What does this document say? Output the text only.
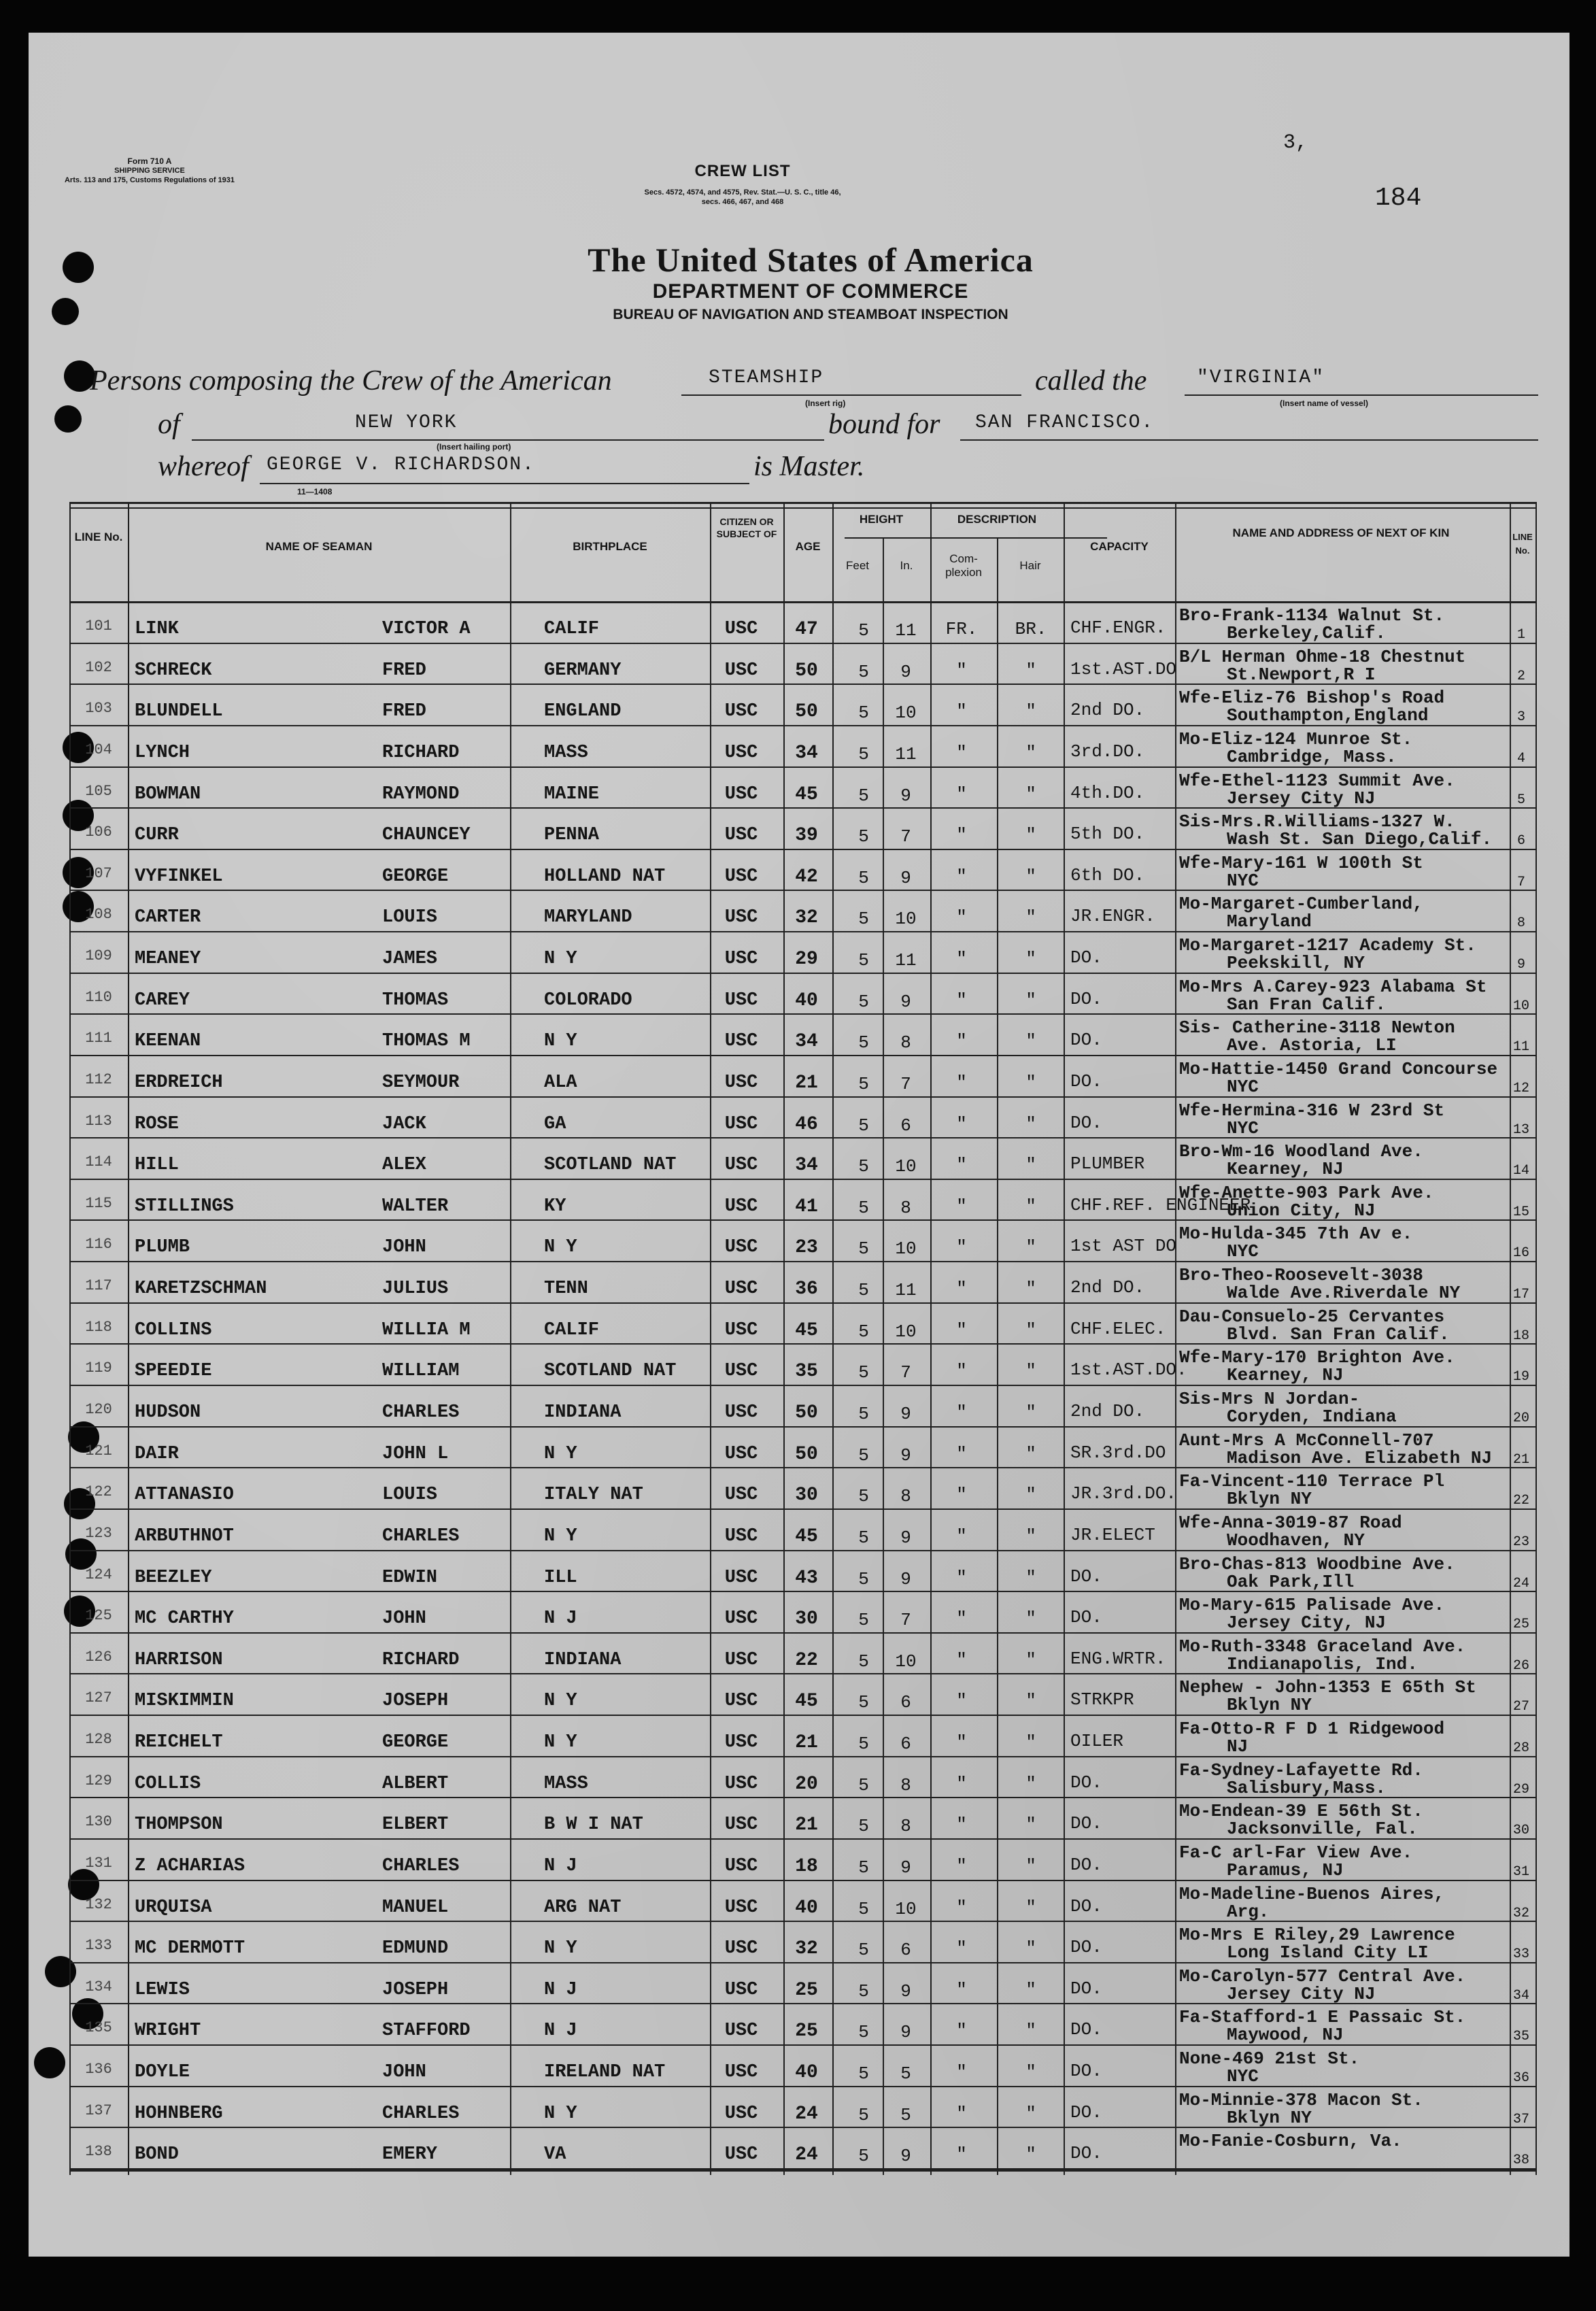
Form 710 A
SHIPPING SERVICE
Arts. 113 and 175, Customs Regulations of 1931	CREW LIST
Secs. 4572, 4574, and 4575, Rev. Stat.—U. S. C., title 46,
secs. 466, 467, and 468
3,
184
The United States of America
DEPARTMENT OF COMMERCE
BUREAU OF NAVIGATION AND STEAMBOAT INSPECTION
Persons composing the Crew of the American	STEAMSHIP
(Insert rig)
called the	"VIRGINIA"
(Insert name of vessel)
of	NEW YORK
(Insert hailing port)
bound for SAN FRANCISCO.
whereof GEORGE V. RICHARDSON.
11—1408
is Master.
LINE No.
NAME OF SEAMAN	BIRTHPLACE
CITIZEN OR SUBJECT OF
AGE
HEIGHT
Feet	In.
DESCRIPTION
Com-plexion
Hair
CAPACITY
NAME AND ADDRESS OF NEXT OF KIN	LINE No.
101	LINK	VICTOR A	CALIF	USC	47	5	11	FR.	BR.	CHF.ENGR.
Bro-Frank-1134 Walnut St.
Berkeley,Calif.	1
102	SCHRECK	FRED	GERMANY	USC	50	5	9	"	"	1st.AST.DO
B/L Herman Ohme-18 Chestnut
St.Newport,R I	2
103	BLUNDELL	FRED	ENGLAND	USC	50	5	10	"	"	2nd DO.
Wfe-Eliz-76 Bishop's Road
Southampton,England	3
104	LYNCH	RICHARD	MASS	USC	34	5	11	"	"	3rd.DO.
Mo-Eliz-124 Munroe St.
Cambridge, Mass.	4
105	BOWMAN	RAYMOND	MAINE	USC	45	5	9	"	"	4th.DO.
Wfe-Ethel-1123 Summit Ave.
Jersey City NJ	5
106	CURR	CHAUNCEY	PENNA	USC	39	5	7	"	"	5th DO.
Sis-Mrs.R.Williams-1327 W.
Wash St. San Diego,Calif.	6
107	VYFINKEL	GEORGE	HOLLAND NAT	USC	42	5	9	"	"	6th DO.
Wfe-Mary-161 W 100th St
NYC	7
108	CARTER	LOUIS	MARYLAND	USC	32	5	10	"	"	JR.ENGR.
Mo-Margaret-Cumberland,
Maryland	8
109	MEANEY	JAMES	N Y	USC	29	5	11	"	"	DO.
Mo-Margaret-1217 Academy St.
Peekskill, NY	9
110	CAREY	THOMAS	COLORADO	USC	40	5	9	"	"	DO.
Mo-Mrs A.Carey-923 Alabama St
San Fran Calif.	10
111	KEENAN	THOMAS M	N Y	USC	34	5	8	"	"	DO.
Sis- Catherine-3118 Newton
Ave. Astoria, LI	11
112	ERDREICH	SEYMOUR	ALA	USC	21	5	7	"	"	DO.
Mo-Hattie-1450 Grand Concourse
NYC	12
113	ROSE	JACK	GA	USC	46	5	6	"	"	DO.
Wfe-Hermina-316 W 23rd St
NYC	13
114	HILL	ALEX	SCOTLAND NAT	USC	34	5	10	"	"	PLUMBER
Bro-Wm-16 Woodland Ave.
Kearney, NJ	14
115	STILLINGS	WALTER	KY	USC	41	5	8	"	"	CHF.REF. ENGINEER
Wfe-Anette-903 Park Ave.
Union City, NJ	15
116	PLUMB	JOHN	N Y	USC	23	5	10	"	"	1st AST DO
Mo-Hulda-345 7th Av e.
NYC	16
117	KARETZSCHMAN	JULIUS	TENN	USC	36	5	11	"	"	2nd DO.
Bro-Theo-Roosevelt-3038
Walde Ave.Riverdale NY	17
118	COLLINS	WILLIA M	CALIF	USC	45	5	10	"	"	CHF.ELEC.
Dau-Consuelo-25 Cervantes
Blvd. San Fran Calif.	18
119	SPEEDIE	WILLIAM	SCOTLAND NAT	USC	35	5	7	"	"	1st.AST.DO.
Wfe-Mary-170 Brighton Ave.
Kearney, NJ	19
120	HUDSON	CHARLES	INDIANA	USC	50	5	9	"	"	2nd DO.
Sis-Mrs N Jordan-
Coryden, Indiana	20
121	DAIR	JOHN L	N Y	USC	50	5	9	"	"	SR.3rd.DO
Aunt-Mrs A McConnell-707
Madison Ave. Elizabeth NJ	21
122	ATTANASIO	LOUIS	ITALY NAT	USC	30	5	8	"	"	JR.3rd.DO.
Fa-Vincent-110 Terrace Pl
Bklyn NY	22
123	ARBUTHNOT	CHARLES	N Y	USC	45	5	9	"	"	JR.ELECT
Wfe-Anna-3019-87 Road
Woodhaven, NY	23
124	BEEZLEY	EDWIN	ILL	USC	43	5	9	"	"	DO.
Bro-Chas-813 Woodbine Ave.
Oak Park,Ill	24
125	MC CARTHY	JOHN	N J	USC	30	5	7	"	"	DO.
Mo-Mary-615 Palisade Ave.
Jersey City, NJ	25
126	HARRISON	RICHARD	INDIANA	USC	22	5	10	"	"	ENG.WRTR.
Mo-Ruth-3348 Graceland Ave.
Indianapolis, Ind.	26
127	MISKIMMIN	JOSEPH	N Y	USC	45	5	6	"	"	STRKPR
Nephew - John-1353 E 65th St
Bklyn NY	27
128	REICHELT	GEORGE	N Y	USC	21	5	6	"	"	OILER
Fa-Otto-R F D 1 Ridgewood
NJ	28
129	COLLIS	ALBERT	MASS	USC	20	5	8	"	"	DO.
Fa-Sydney-Lafayette Rd.
Salisbury,Mass.	29
130	THOMPSON	ELBERT	B W I NAT	USC	21	5	8	"	"	DO.
Mo-Endean-39 E 56th St.
Jacksonville, Fal.	30
131	Z ACHARIAS	CHARLES	N J	USC	18	5	9	"	"	DO.
Fa-C arl-Far View Ave.
Paramus, NJ	31
132	URQUISA	MANUEL	ARG NAT	USC	40	5	10	"	"	DO.
Mo-Madeline-Buenos Aires,
Arg.	32
133	MC DERMOTT	EDMUND	N Y	USC	32	5	6	"	"	DO.
Mo-Mrs E Riley,29 Lawrence
Long Island City LI	33
134	LEWIS	JOSEPH	N J	USC	25	5	9	"	"	DO.
Mo-Carolyn-577 Central Ave.
Jersey City NJ	34
135	WRIGHT	STAFFORD	N J	USC	25	5	9	"	"	DO.
Fa-Stafford-1 E Passaic St.
Maywood, NJ	35
136	DOYLE	JOHN	IRELAND NAT	USC	40	5	5	"	"	DO.
None-469 21st St.
NYC	36
137	HOHNBERG	CHARLES	N Y	USC	24	5	5	"	"	DO.
Mo-Minnie-378 Macon St.
Bklyn NY	37
138	BOND	EMERY	VA	USC	24	5	9	"	"	DO.
Mo-Fanie-Cosburn, Va.
38
